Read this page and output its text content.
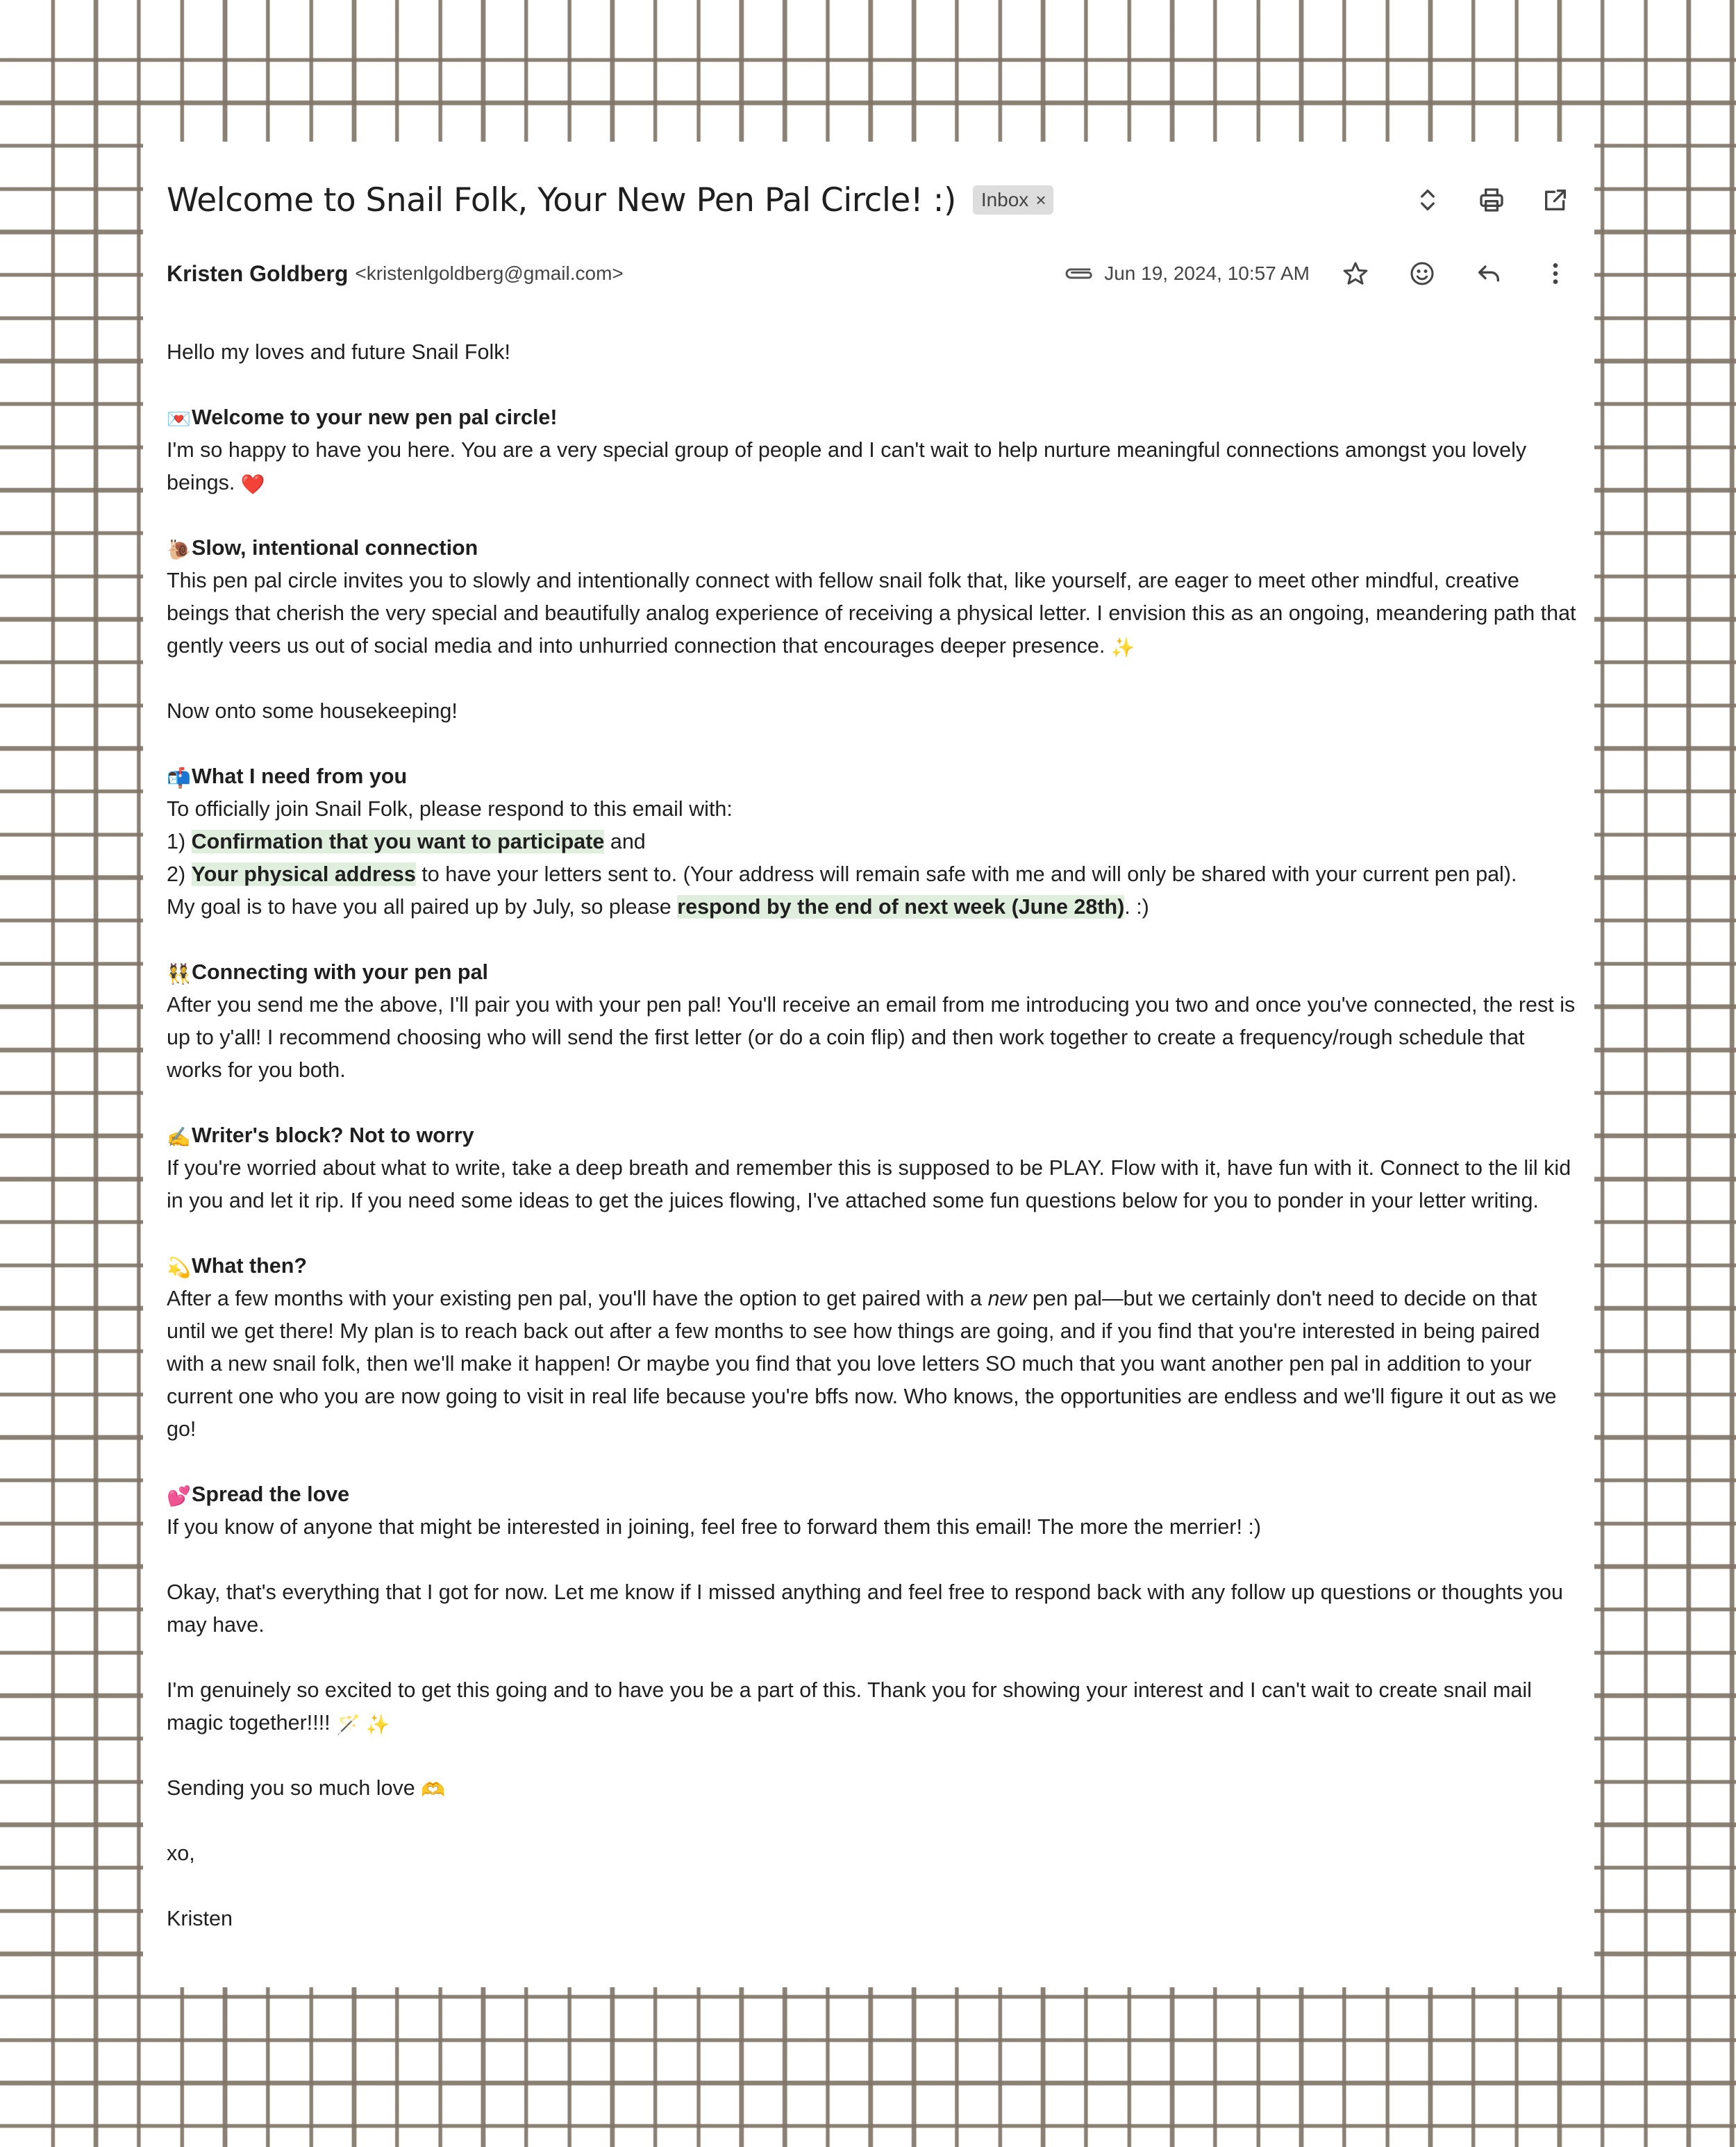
Welcome to Snail Folk, Your New Pen Pal Circle! :) Inbox ×
Kristen Goldberg <kristenlgoldberg@gmail.com>	Jun 19, 2024, 10:57 AM

Hello my loves and future Snail Folk!

💌Welcome to your new pen pal circle!
I'm so happy to have you here. You are a very special group of people and I can't wait to help nurture meaningful connections amongst you lovely beings. ❤️

🐌Slow, intentional connection
This pen pal circle invites you to slowly and intentionally connect with fellow snail folk that, like yourself, are eager to meet other mindful, creative beings that cherish the very special and beautifully analog experience of receiving a physical letter. I envision this as an ongoing, meandering path that gently veers us out of social media and into unhurried connection that encourages deeper presence. ✨

Now onto some housekeeping!

📬What I need from you
To officially join Snail Folk, please respond to this email with:
1) Confirmation that you want to participate and
2) Your physical address to have your letters sent to. (Your address will remain safe with me and will only be shared with your current pen pal).
My goal is to have you all paired up by July, so please respond by the end of next week (June 28th). :)

👯Connecting with your pen pal
After you send me the above, I'll pair you with your pen pal! You'll receive an email from me introducing you two and once you've connected, the rest is up to y'all! I recommend choosing who will send the first letter (or do a coin flip) and then work together to create a frequency/rough schedule that works for you both.

✍️Writer's block? Not to worry
If you're worried about what to write, take a deep breath and remember this is supposed to be PLAY. Flow with it, have fun with it. Connect to the lil kid in you and let it rip. If you need some ideas to get the juices flowing, I've attached some fun questions below for you to ponder in your letter writing.

💫What then?
After a few months with your existing pen pal, you'll have the option to get paired with a new pen pal—but we certainly don't need to decide on that until we get there! My plan is to reach back out after a few months to see how things are going, and if you find that you're interested in being paired with a new snail folk, then we'll make it happen! Or maybe you find that you love letters SO much that you want another pen pal in addition to your current one who you are now going to visit in real life because you're bffs now. Who knows, the opportunities are endless and we'll figure it out as we go!

💕Spread the love
If you know of anyone that might be interested in joining, feel free to forward them this email! The more the merrier! :)

Okay, that's everything that I got for now. Let me know if I missed anything and feel free to respond back with any follow up questions or thoughts you may have.

I'm genuinely so excited to get this going and to have you be a part of this. Thank you for showing your interest and I can't wait to create snail mail magic together!!!! 🪄 ✨

Sending you so much love 🫶

xo,

Kristen
